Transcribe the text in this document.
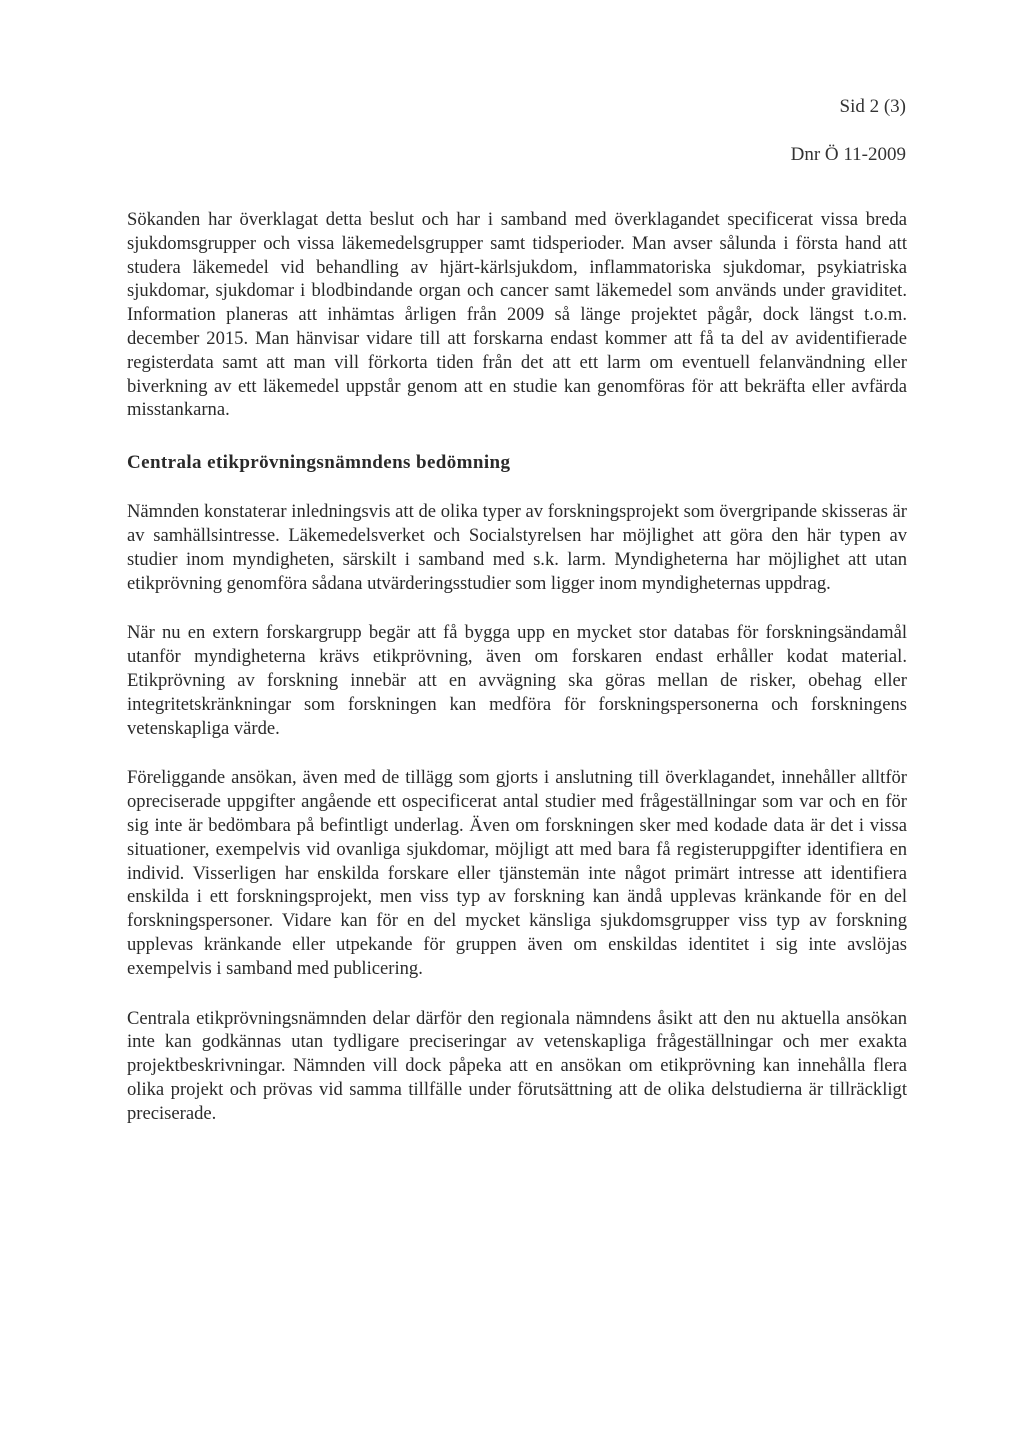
Sid 2 (3)
Dnr Ö 11-2009

Sökanden har överklagat detta beslut och har i samband med överklagandet specificerat vissa breda sjukdomsgrupper och vissa läkemedelsgrupper samt tidsperioder. Man avser sålunda i första hand att studera läkemedel vid behandling av hjärt-kärlsjukdom, inflammatoriska sjukdomar, psykiatriska sjukdomar, sjukdomar i blodbindande organ och cancer samt läkemedel som används under graviditet. Information planeras att inhämtas årligen från 2009 så länge projektet pågår, dock längst t.o.m. december 2015. Man hänvisar vidare till att forskarna endast kommer att få ta del av avidentifierade registerdata samt att man vill förkorta tiden från det att ett larm om eventuell felanvändning eller biverkning av ett läkemedel uppstår genom att en studie kan genomföras för att bekräfta eller avfärda misstankarna.

Centrala etikprövningsnämndens bedömning

Nämnden konstaterar inledningsvis att de olika typer av forskningsprojekt som övergripande skisseras är av samhällsintresse. Läkemedelsverket och Socialstyrelsen har möjlighet att göra den här typen av studier inom myndigheten, särskilt i samband med s.k. larm. Myndigheterna har möjlighet att utan etikprövning genomföra sådana utvärderingsstudier som ligger inom myndigheternas uppdrag.

När nu en extern forskargrupp begär att få bygga upp en mycket stor databas för forskningsändamål utanför myndigheterna krävs etikprövning, även om forskaren endast erhåller kodat material. Etikprövning av forskning innebär att en avvägning ska göras mellan de risker, obehag eller integritetskränkningar som forskningen kan medföra för forskningspersonerna och forskningens vetenskapliga värde.

Föreliggande ansökan, även med de tillägg som gjorts i anslutning till överklagandet, innehåller alltför opreciserade uppgifter angående ett ospecificerat antal studier med frågeställningar som var och en för sig inte är bedömbara på befintligt underlag. Även om forskningen sker med kodade data är det i vissa situationer, exempelvis vid ovanliga sjukdomar, möjligt att med bara få registeruppgifter identifiera en individ. Visserligen har enskilda forskare eller tjänstemän inte något primärt intresse att identifiera enskilda i ett forskningsprojekt, men viss typ av forskning kan ändå upplevas kränkande för en del forskningspersoner. Vidare kan för en del mycket känsliga sjukdomsgrupper viss typ av forskning upplevas kränkande eller utpekande för gruppen även om enskildas identitet i sig inte avslöjas exempelvis i samband med publicering.

Centrala etikprövningsnämnden delar därför den regionala nämndens åsikt att den nu aktuella ansökan inte kan godkännas utan tydligare preciseringar av vetenskapliga frågeställningar och mer exakta projektbeskrivningar. Nämnden vill dock påpeka att en ansökan om etikprövning kan innehålla flera olika projekt och prövas vid samma tillfälle under förutsättning att de olika delstudierna är tillräckligt preciserade.
